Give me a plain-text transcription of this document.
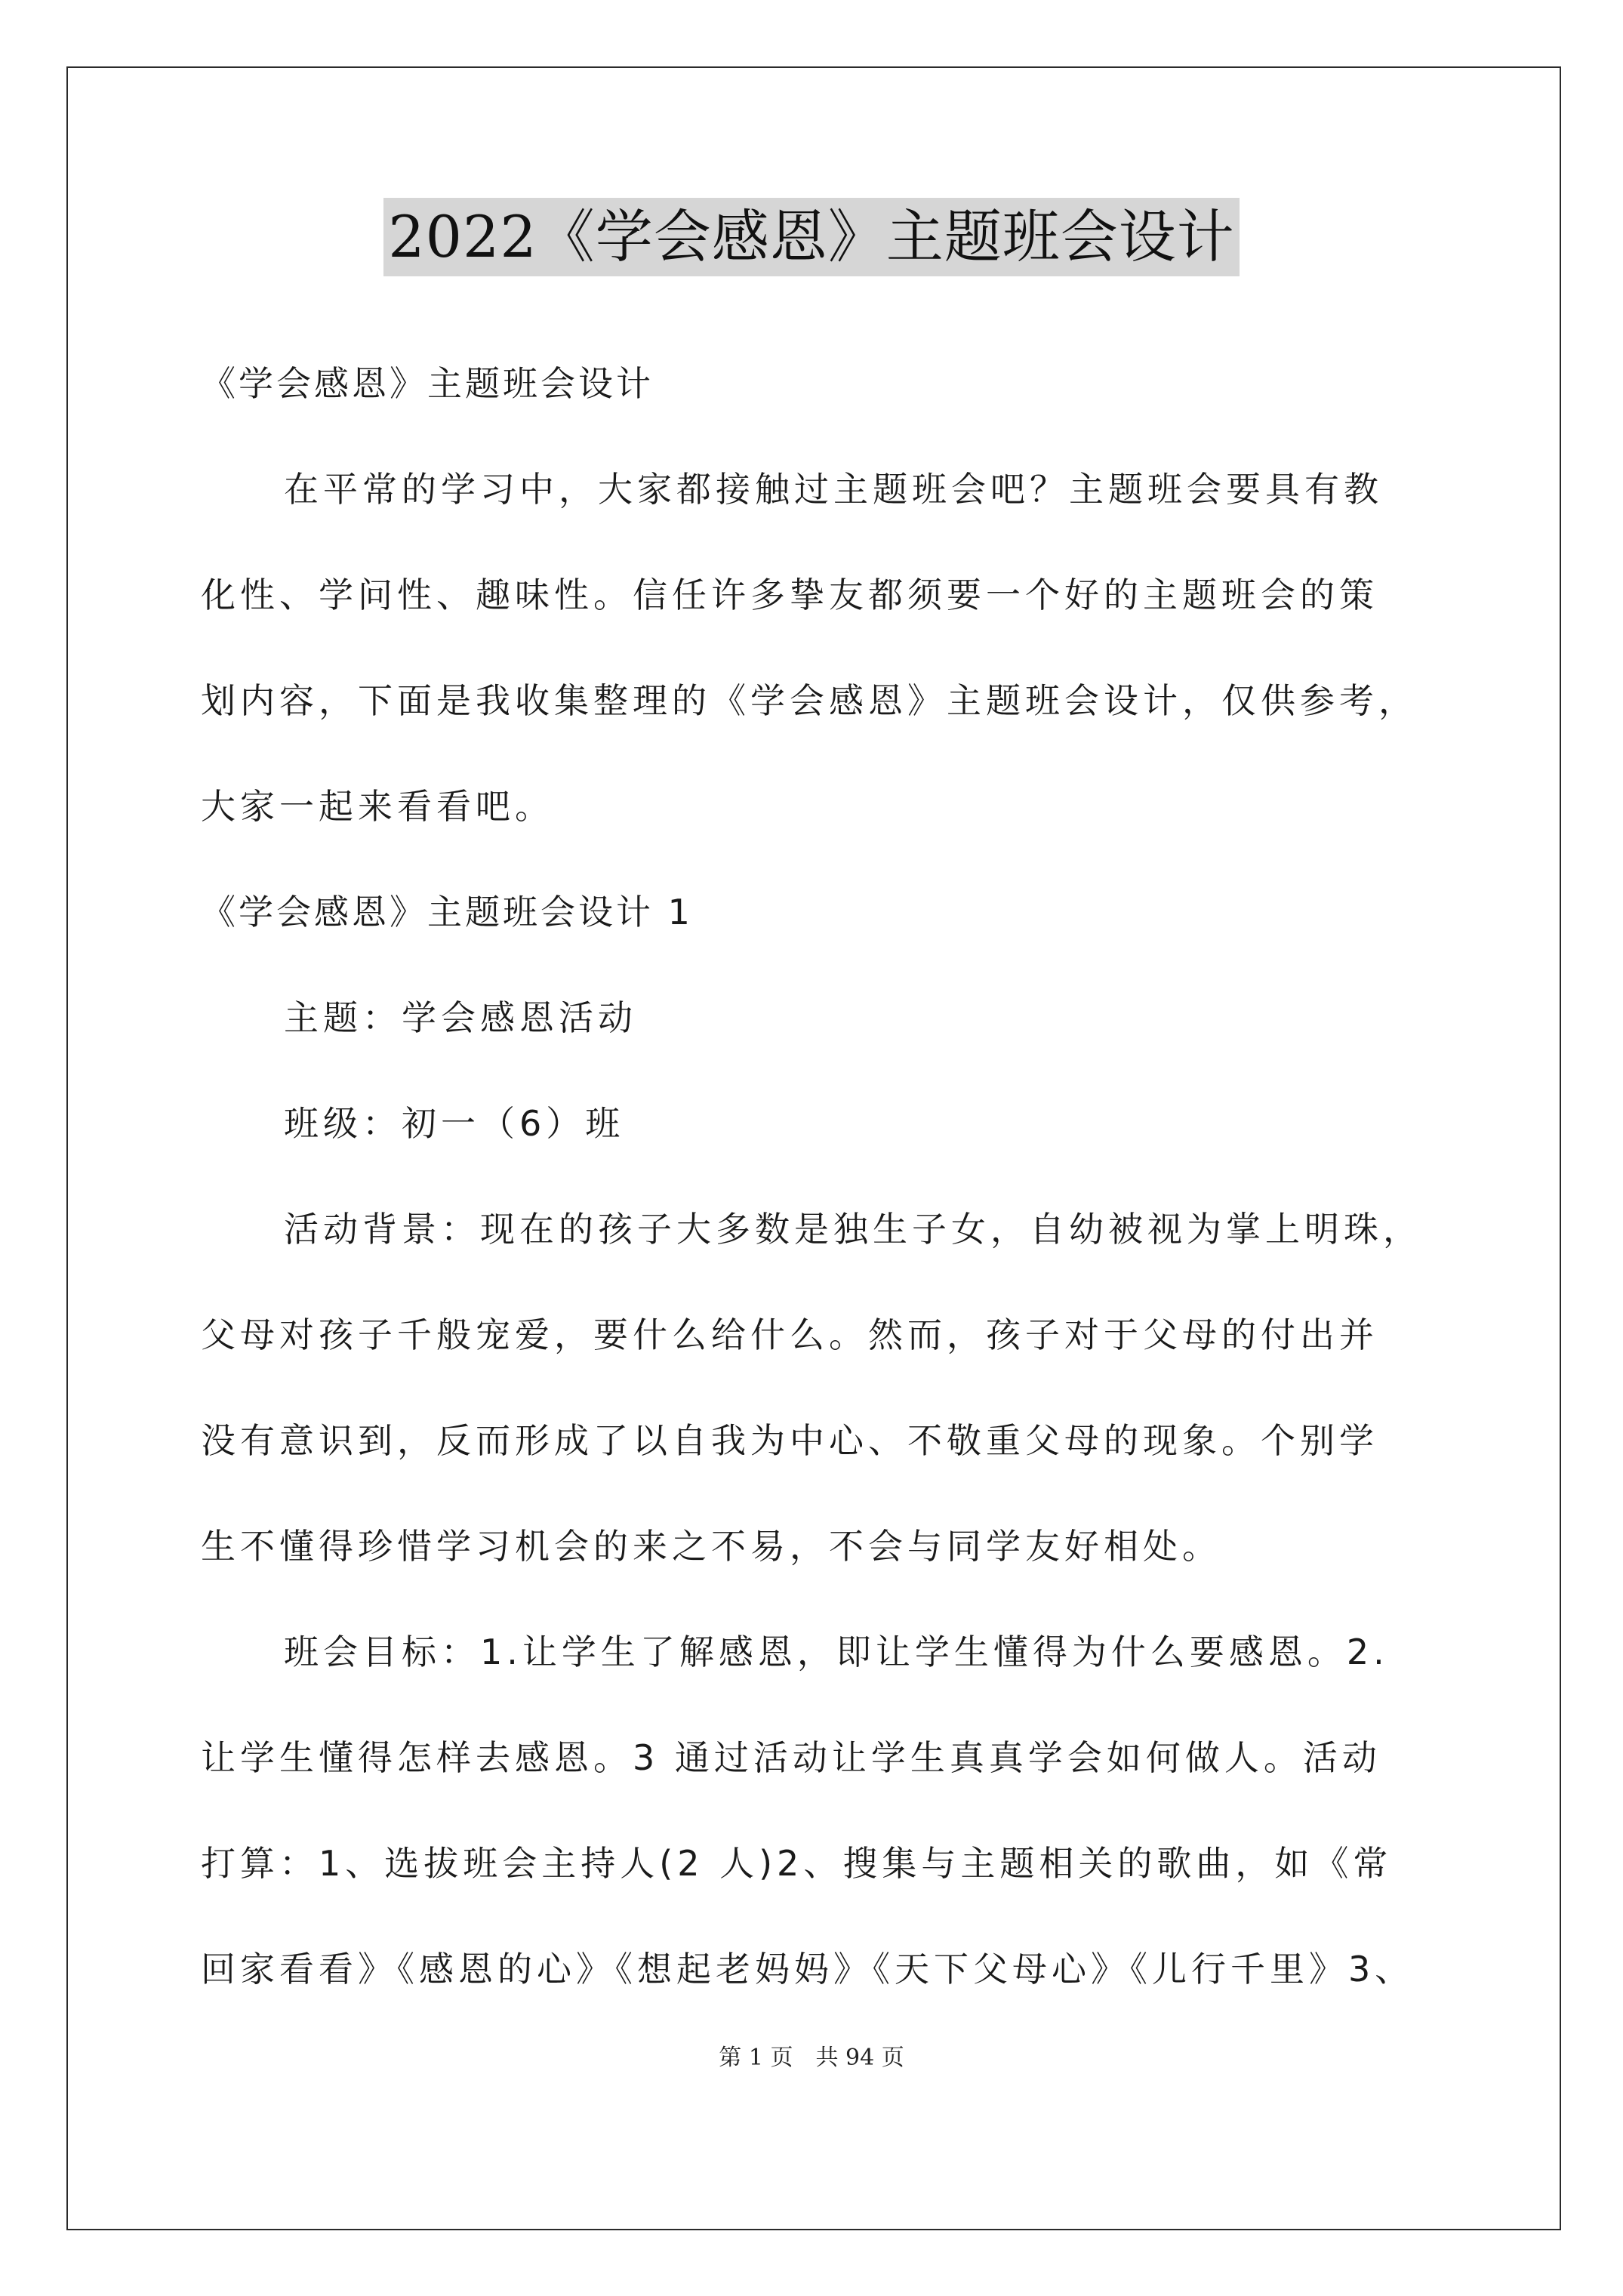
2022《学会感恩》主题班会设计
《学会感恩》主题班会设计
在平常的学习中，大家都接触过主题班会吧？主题班会要具有教
化性、学问性、趣味性。信任许多挚友都须要一个好的主题班会的策
划内容，下面是我收集整理的《学会感恩》主题班会设计，仅供参考，
大家一起来看看吧。
《学会感恩》主题班会设计 1
主题：学会感恩活动
班级：初一（6）班
活动背景：现在的孩子大多数是独生子女，自幼被视为掌上明珠，
父母对孩子千般宠爱，要什么给什么。然而，孩子对于父母的付出并
没有意识到，反而形成了以自我为中心、不敬重父母的现象。个别学
生不懂得珍惜学习机会的来之不易，不会与同学友好相处。
班会目标：1.让学生了解感恩，即让学生懂得为什么要感恩。2.
让学生懂得怎样去感恩。3 通过活动让学生真真学会如何做人。活动
打算：1、选拔班会主持人(2 人)2、搜集与主题相关的歌曲，如《常
回家看看》《感恩的心》《想起老妈妈》《天下父母心》《儿行千里》3、
第 1 页　共 94 页
